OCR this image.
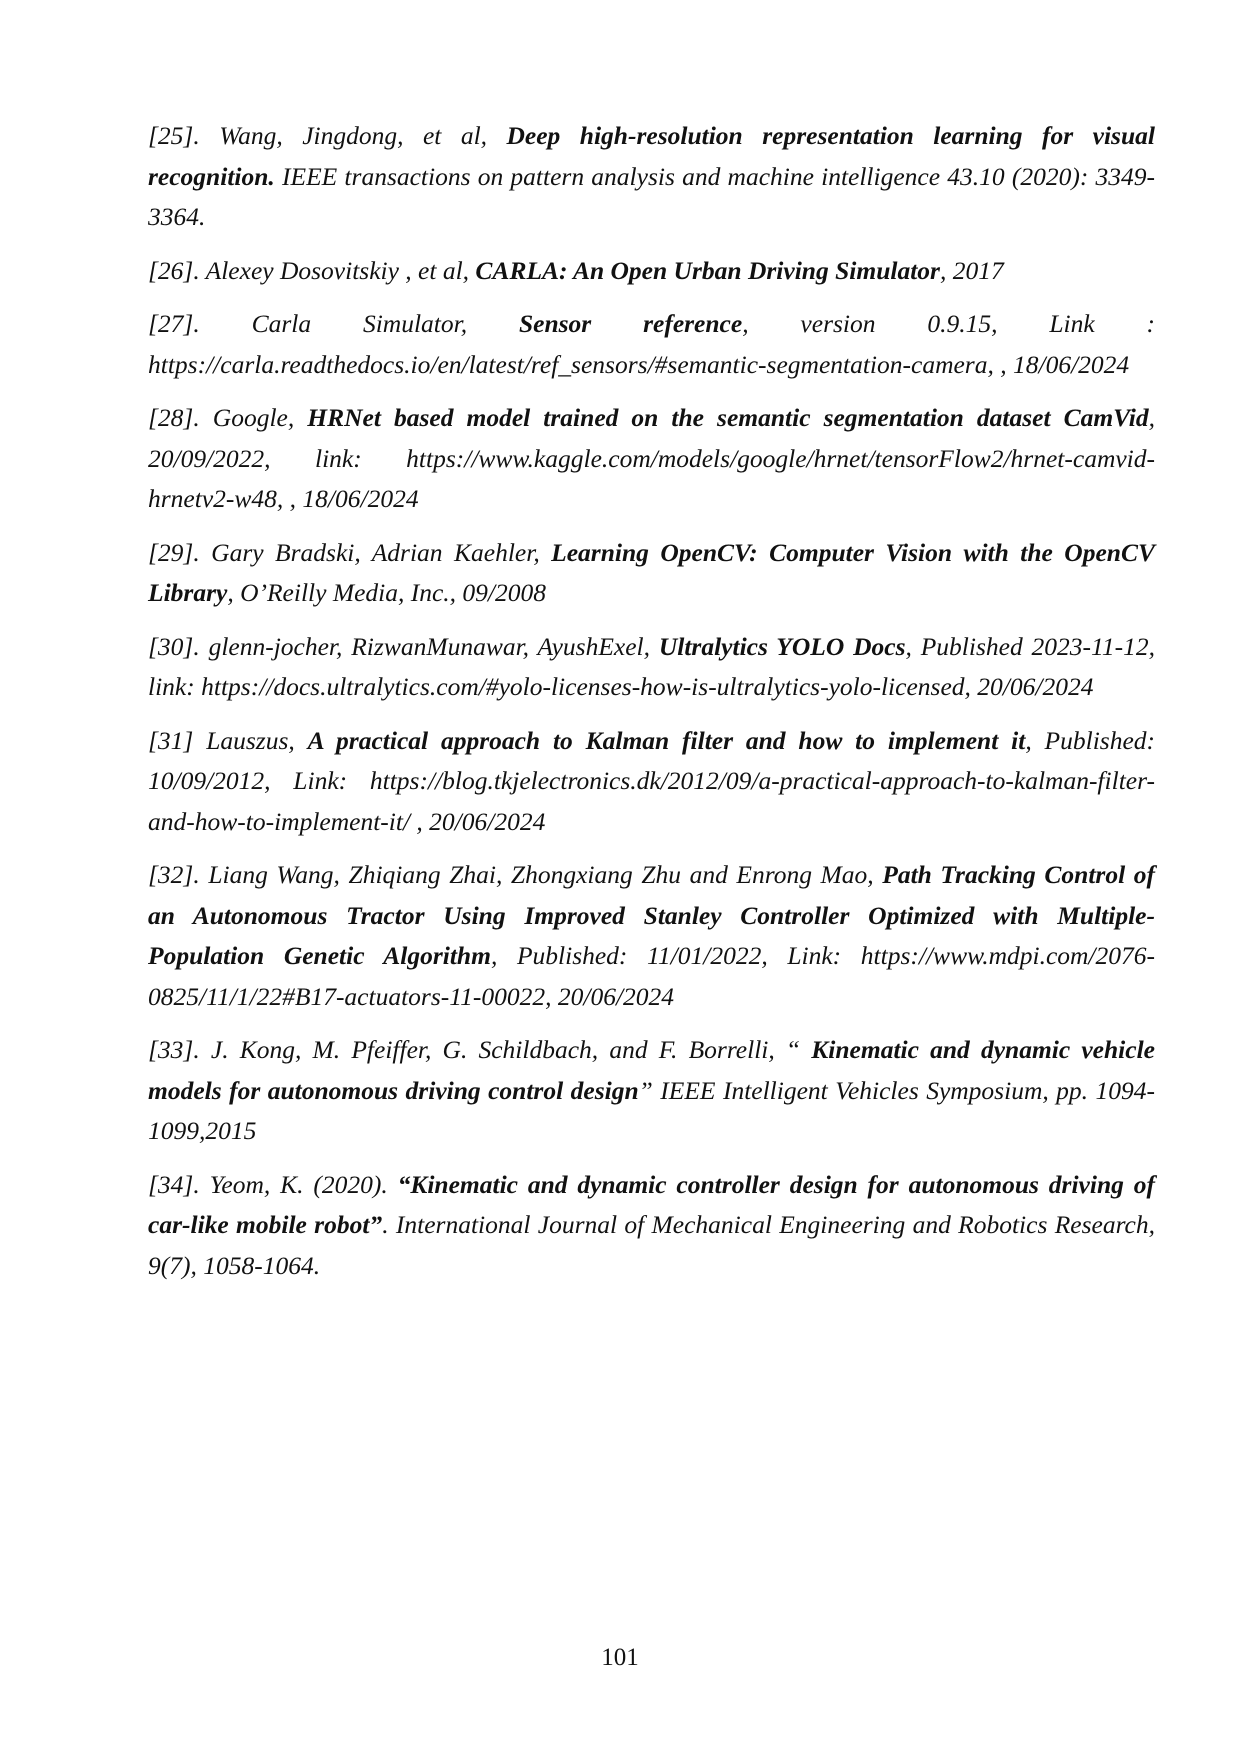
[25]. Wang, Jingdong, et al, Deep high-resolution representation learning for visual recognition. IEEE transactions on pattern analysis and machine intelligence 43.10 (2020): 3349-3364.

[26]. Alexey Dosovitskiy , et al, CARLA: An Open Urban Driving Simulator, 2017

[27]. Carla Simulator, Sensor reference, version 0.9.15, Link : https://carla.readthedocs.io/en/latest/ref_sensors/#semantic-segmentation-camera, , 18/06/2024

[28]. Google, HRNet based model trained on the semantic segmentation dataset CamVid, 20/09/2022, link: https://www.kaggle.com/models/google/hrnet/tensorFlow2/hrnet-camvid-hrnetv2-w48, , 18/06/2024

[29]. Gary Bradski, Adrian Kaehler, Learning OpenCV: Computer Vision with the OpenCV Library, O’Reilly Media, Inc., 09/2008

[30]. glenn-jocher, RizwanMunawar, AyushExel, Ultralytics YOLO Docs, Published 2023-11-12, link: https://docs.ultralytics.com/#yolo-licenses-how-is-ultralytics-yolo-licensed, 20/06/2024

[31] Lauszus, A practical approach to Kalman filter and how to implement it, Published: 10/09/2012, Link: https://blog.tkjelectronics.dk/2012/09/a-practical-approach-to-kalman-filter-and-how-to-implement-it/ , 20/06/2024

[32]. Liang Wang, Zhiqiang Zhai, Zhongxiang Zhu and Enrong Mao, Path Tracking Control of an Autonomous Tractor Using Improved Stanley Controller Optimized with Multiple-Population Genetic Algorithm, Published: 11/01/2022, Link: https://www.mdpi.com/2076-0825/11/1/22#B17-actuators-11-00022, 20/06/2024

[33]. J. Kong, M. Pfeiffer, G. Schildbach, and F. Borrelli, “ Kinematic and dynamic vehicle models for autonomous driving control design” IEEE Intelligent Vehicles Symposium, pp. 1094-1099,2015

[34]. Yeom, K. (2020). “Kinematic and dynamic controller design for autonomous driving of car-like mobile robot”. International Journal of Mechanical Engineering and Robotics Research, 9(7), 1058-1064.

101
